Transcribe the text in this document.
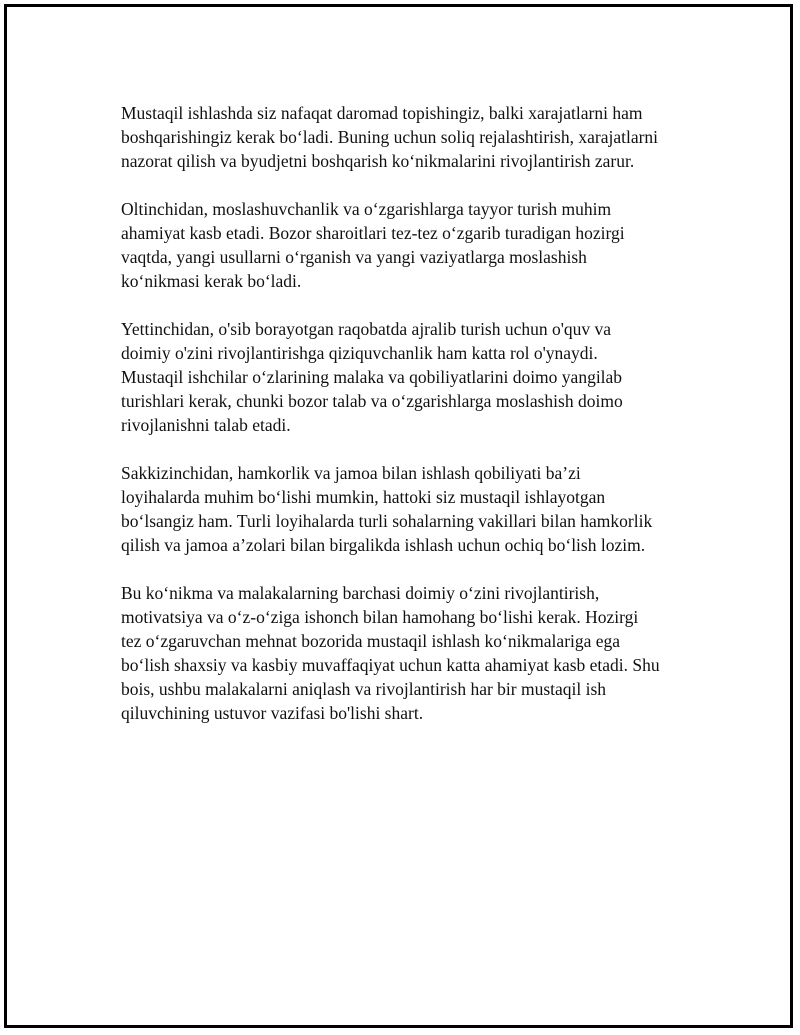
Mustaqil ishlashda siz nafaqat daromad topishingiz, balki xarajatlarni ham
boshqarishingiz kerak bo‘ladi. Buning uchun soliq rejalashtirish, xarajatlarni
nazorat qilish va byudjetni boshqarish ko‘nikmalarini rivojlantirish zarur.

Oltinchidan, moslashuvchanlik va o‘zgarishlarga tayyor turish muhim
ahamiyat kasb etadi. Bozor sharoitlari tez-tez o‘zgarib turadigan hozirgi
vaqtda, yangi usullarni o‘rganish va yangi vaziyatlarga moslashish
ko‘nikmasi kerak bo‘ladi.

Yettinchidan, o'sib borayotgan raqobatda ajralib turish uchun o'quv va
doimiy o'zini rivojlantirishga qiziquvchanlik ham katta rol o'ynaydi.
Mustaqil ishchilar o‘zlarining malaka va qobiliyatlarini doimo yangilab
turishlari kerak, chunki bozor talab va o‘zgarishlarga moslashish doimo
rivojlanishni talab etadi.

Sakkizinchidan, hamkorlik va jamoa bilan ishlash qobiliyati ba’zi
loyihalarda muhim bo‘lishi mumkin, hattoki siz mustaqil ishlayotgan
bo‘lsangiz ham. Turli loyihalarda turli sohalarning vakillari bilan hamkorlik
qilish va jamoa a’zolari bilan birgalikda ishlash uchun ochiq bo‘lish lozim.

Bu ko‘nikma va malakalarning barchasi doimiy o‘zini rivojlantirish,
motivatsiya va o‘z-o‘ziga ishonch bilan hamohang bo‘lishi kerak. Hozirgi
tez o‘zgaruvchan mehnat bozorida mustaqil ishlash ko‘nikmalariga ega
bo‘lish shaxsiy va kasbiy muvaffaqiyat uchun katta ahamiyat kasb etadi. Shu
bois, ushbu malakalarni aniqlash va rivojlantirish har bir mustaqil ish
qiluvchining ustuvor vazifasi bo'lishi shart.
